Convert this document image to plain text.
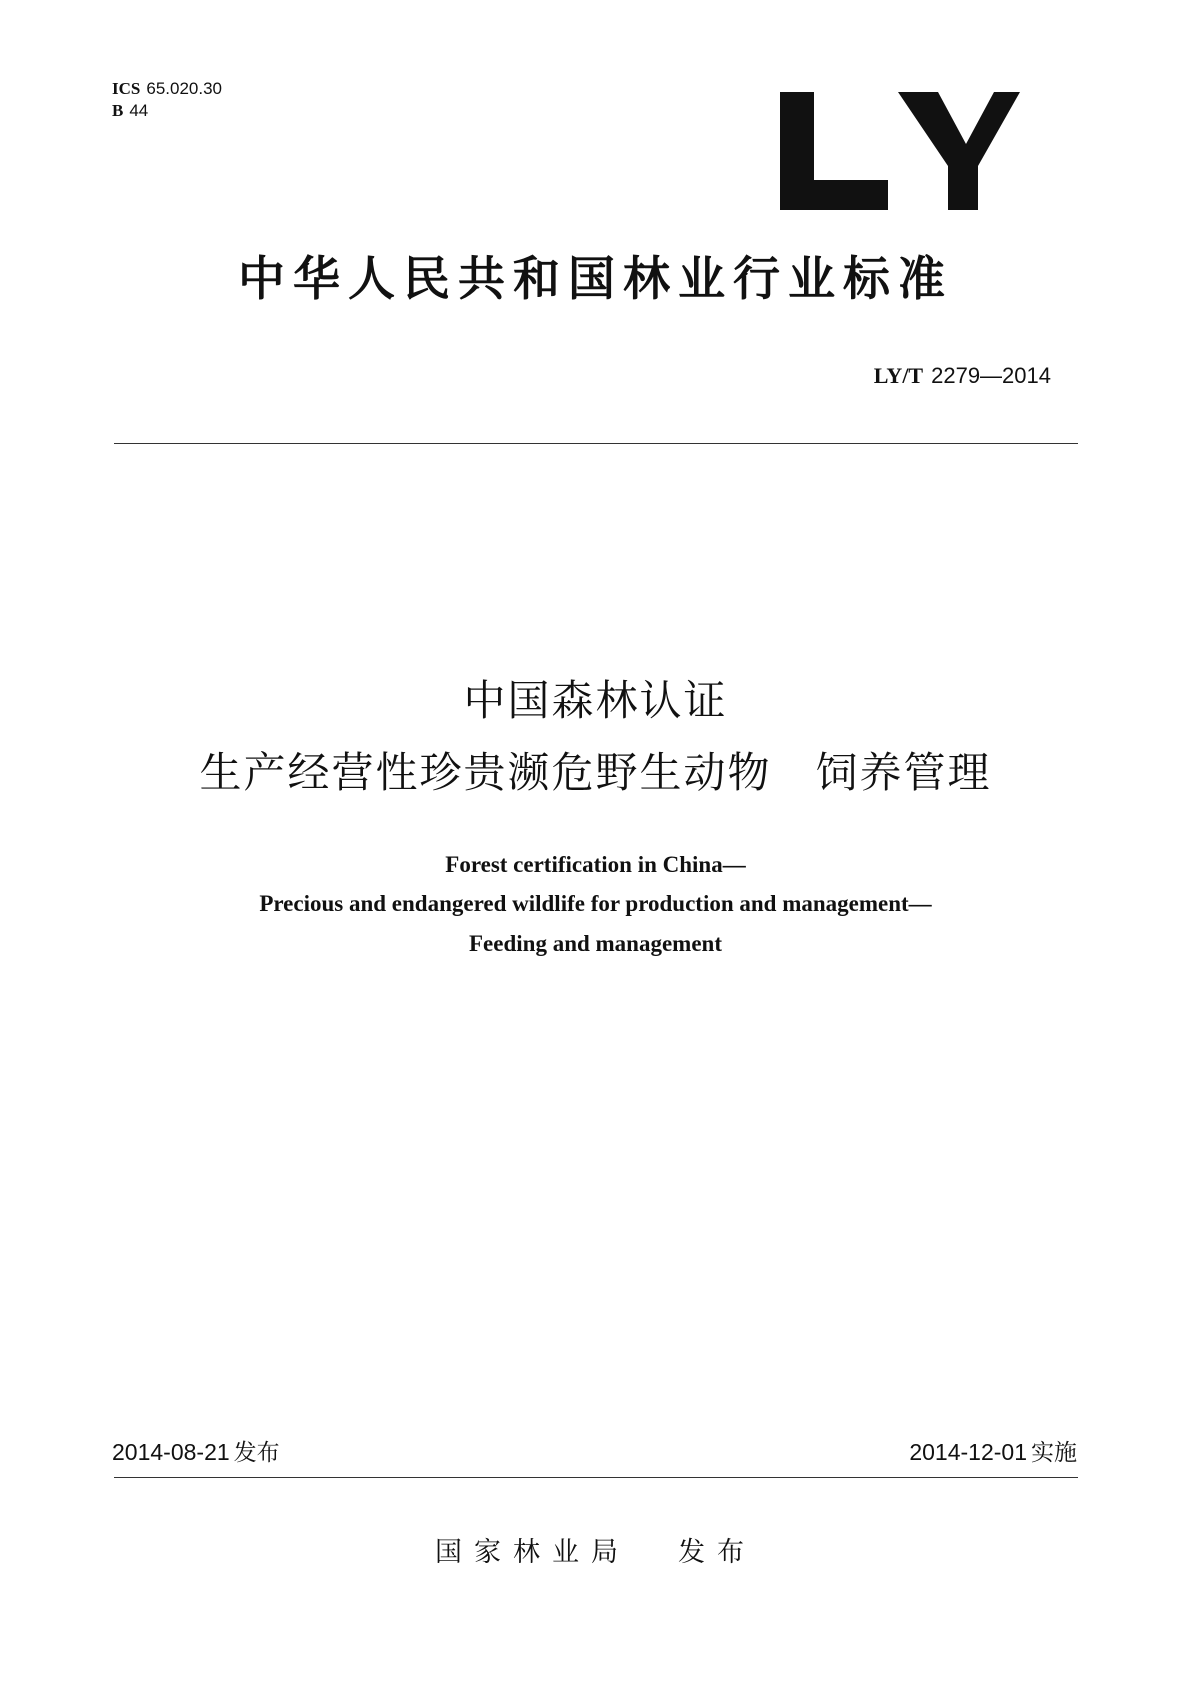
ICS 65.020.30
B 44
中华人民共和国林业行业标准
LY/T 2279—2014
中国森林认证
生产经营性珍贵濒危野生动物　饲养管理
Forest certification in China—
Precious and endangered wildlife for production and management—
Feeding and management
2014-08-21 发布	2014-12-01 实施
国家林业局 发布
